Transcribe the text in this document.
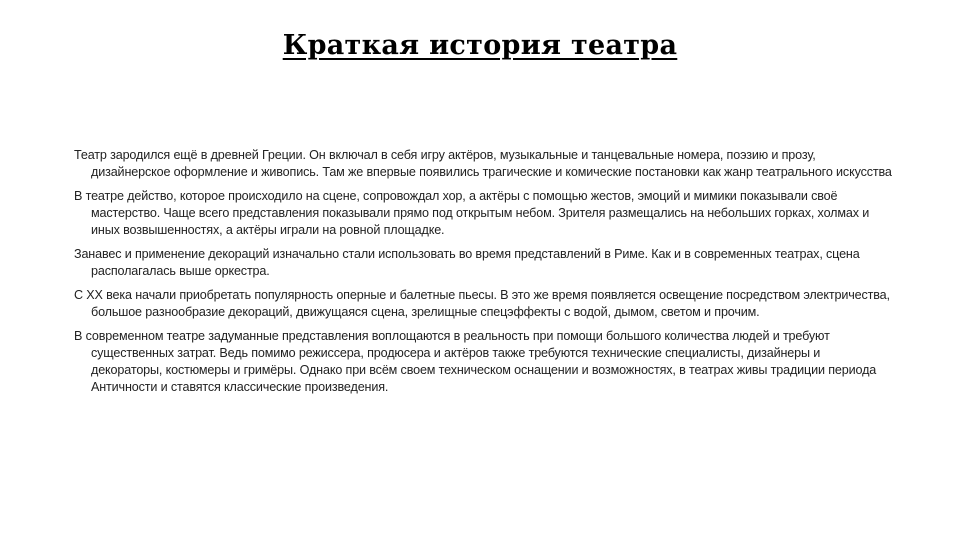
Краткая история театра

Театр зародился ещё в древней Греции. Он включал в себя игру актёров, музыкальные и танцевальные номера, поэзию и прозу, дизайнерское оформление и живопись. Там же впервые появились трагические и комические постановки как жанр театрального искусства

В театре действо, которое происходило на сцене, сопровождал хор, а актёры с помощью жестов, эмоций и мимики показывали своё мастерство. Чаще всего представления показывали прямо под открытым небом. Зрителя размещались на небольших горках, холмах и иных возвышенностях, а актёры играли на ровной площадке.

Занавес и применение декораций изначально стали использовать во время представлений в Риме. Как и в современных театрах, сцена располагалась выше оркестра.

С XX века начали приобретать популярность оперные и балетные пьесы. В это же время появляется освещение посредством электричества, большое разнообразие декораций, движущаяся сцена, зрелищные спецэффекты с водой, дымом, светом и прочим.

В современном театре задуманные представления воплощаются в реальность при помощи большого количества людей и требуют существенных затрат. Ведь помимо режиссера, продюсера и актёров также требуются технические специалисты, дизайнеры и декораторы, костюмеры и гримёры. Однако при всём своем техническом оснащении и возможностях, в театрах живы традиции периода Античности и ставятся классические произведения.
